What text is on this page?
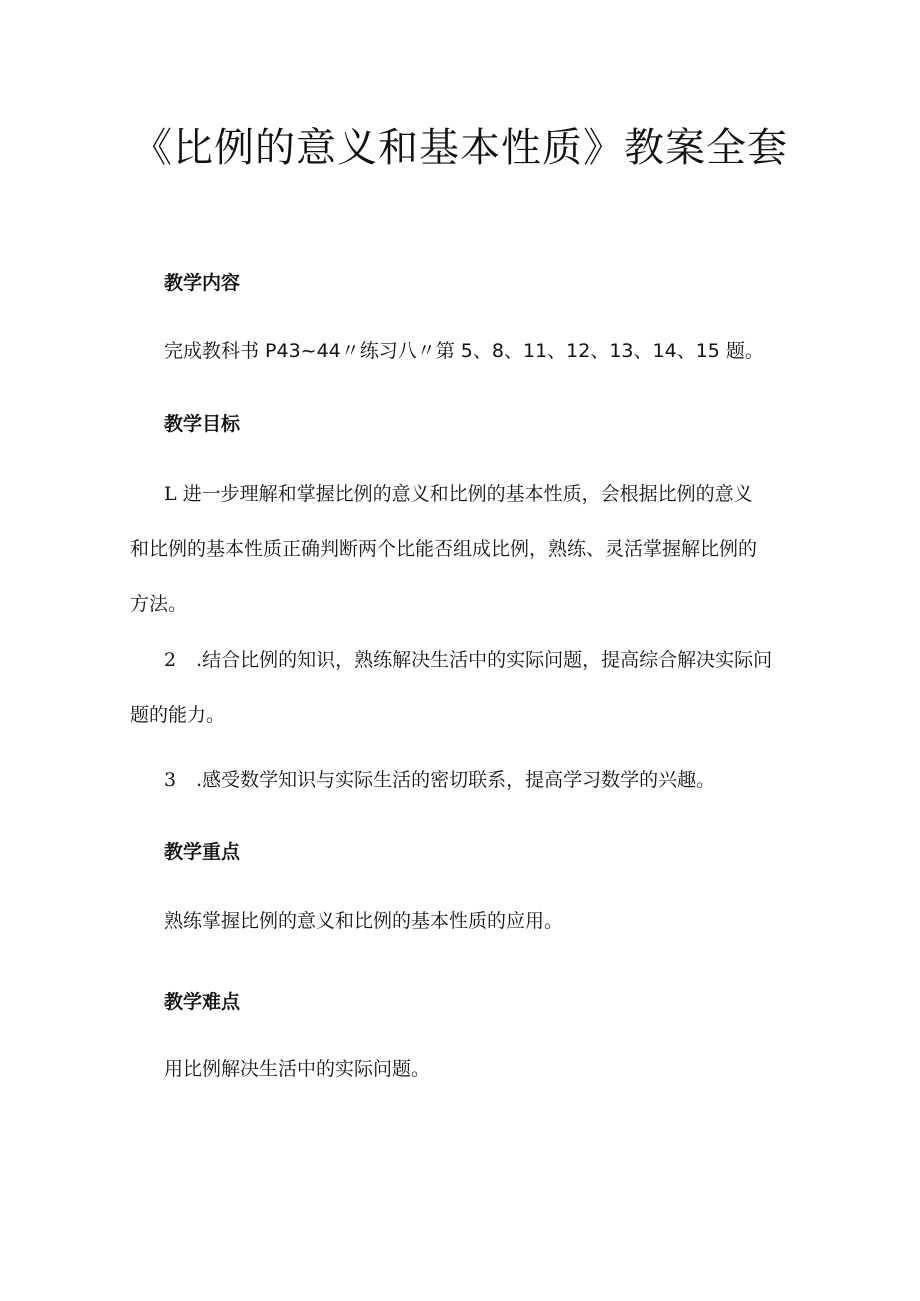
《比例的意义和基本性质》教案全套
教学内容
完成教科书 P43~44〃练习八〃第 5、8、11、12、13、14、15 题。
教学目标
L 进一步理解和掌握比例的意义和比例的基本性质，会根据比例的意义
和比例的基本性质正确判断两个比能否组成比例，熟练、灵活掌握解比例的
方法。
2 .结合比例的知识，熟练解决生活中的实际问题，提高综合解决实际问
题的能力。
3 .感受数学知识与实际生活的密切联系，提高学习数学的兴趣。
教学重点
熟练掌握比例的意义和比例的基本性质的应用。
教学难点
用比例解决生活中的实际问题。
